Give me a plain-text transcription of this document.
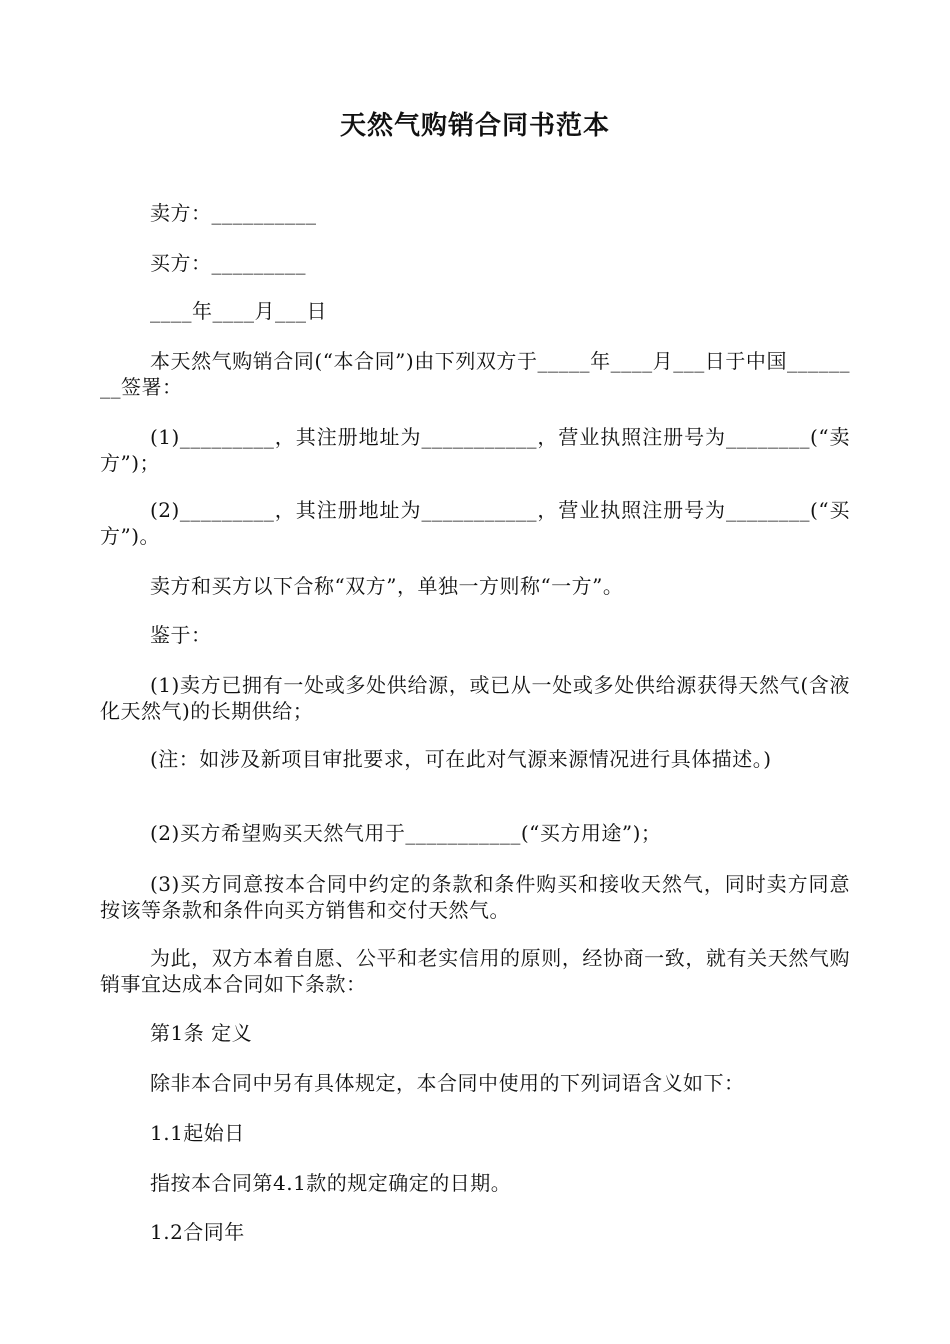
天然气购销合同书范本
卖方：__________
买方：_________
____年____月___日
本天然气购销合同(“本合同”)由下列双方于_____年____月___日于中国________签署：
(1)_________，其注册地址为___________，营业执照注册号为________(“卖方”)；
(2)_________，其注册地址为___________，营业执照注册号为________(“买方”)。
卖方和买方以下合称“双方”，单独一方则称“一方”。
鉴于：
(1)卖方已拥有一处或多处供给源，或已从一处或多处供给源获得天然气(含液化天然气)的长期供给；
(注：如涉及新项目审批要求，可在此对气源来源情况进行具体描述。)
(2)买方希望购买天然气用于___________(“买方用途”)；
(3)买方同意按本合同中约定的条款和条件购买和接收天然气，同时卖方同意按该等条款和条件向买方销售和交付天然气。
为此，双方本着自愿、公平和老实信用的原则，经协商一致，就有关天然气购销事宜达成本合同如下条款：
第1条 定义
除非本合同中另有具体规定，本合同中使用的下列词语含义如下：
1.1起始日
指按本合同第4.1款的规定确定的日期。
1.2合同年
